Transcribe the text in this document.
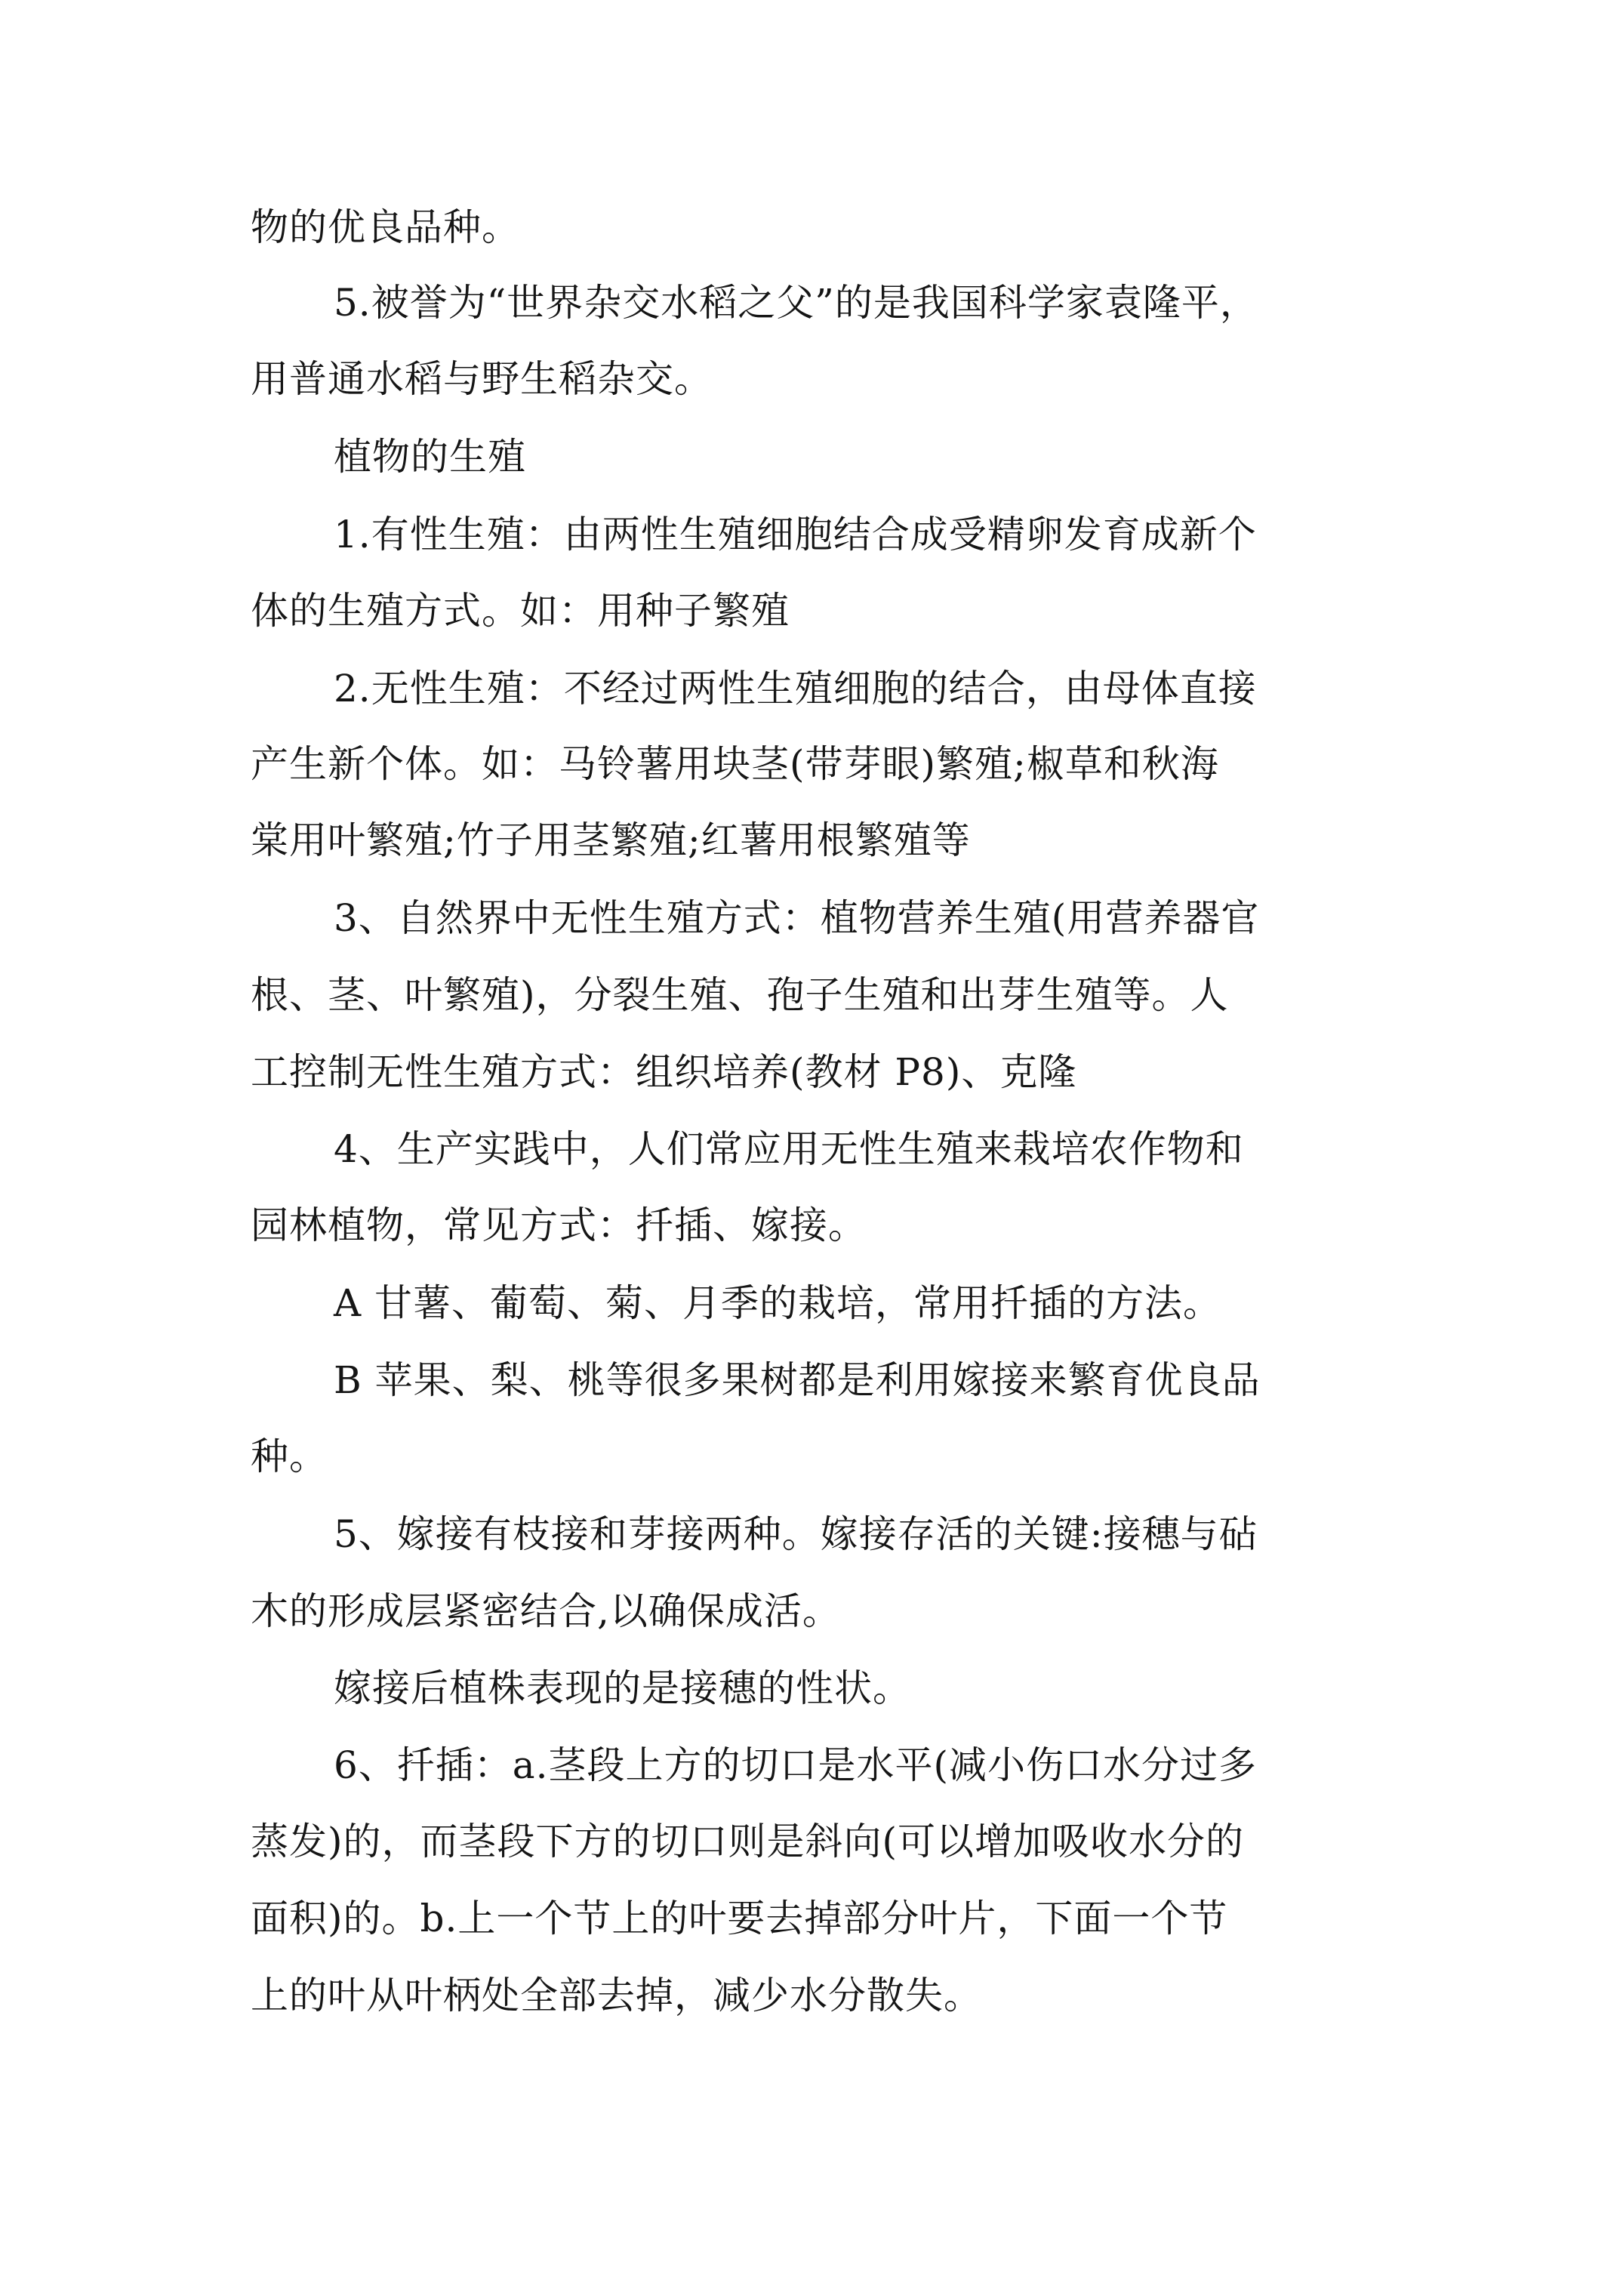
物的优良品种。
5.被誉为“世界杂交水稻之父”的是我国科学家袁隆平，
用普通水稻与野生稻杂交。
植物的生殖
1.有性生殖：由两性生殖细胞结合成受精卵发育成新个
体的生殖方式。如：用种子繁殖
2.无性生殖：不经过两性生殖细胞的结合，由母体直接
产生新个体。如：马铃薯用块茎(带芽眼)繁殖;椒草和秋海
棠用叶繁殖;竹子用茎繁殖;红薯用根繁殖等
3、自然界中无性生殖方式：植物营养生殖(用营养器官
根、茎、叶繁殖)，分裂生殖、孢子生殖和出芽生殖等。人
工控制无性生殖方式：组织培养(教材 P8)、克隆
4、生产实践中，人们常应用无性生殖来栽培农作物和
园林植物，常见方式：扦插、嫁接。
A 甘薯、葡萄、菊、月季的栽培，常用扦插的方法。
B 苹果、梨、桃等很多果树都是利用嫁接来繁育优良品
种。
5、嫁接有枝接和芽接两种。嫁接存活的关键:接穗与砧
木的形成层紧密结合,以确保成活。
嫁接后植株表现的是接穗的性状。
6、扦插：a.茎段上方的切口是水平(减小伤口水分过多
蒸发)的，而茎段下方的切口则是斜向(可以增加吸收水分的
面积)的。b.上一个节上的叶要去掉部分叶片，下面一个节
上的叶从叶柄处全部去掉，减少水分散失。
